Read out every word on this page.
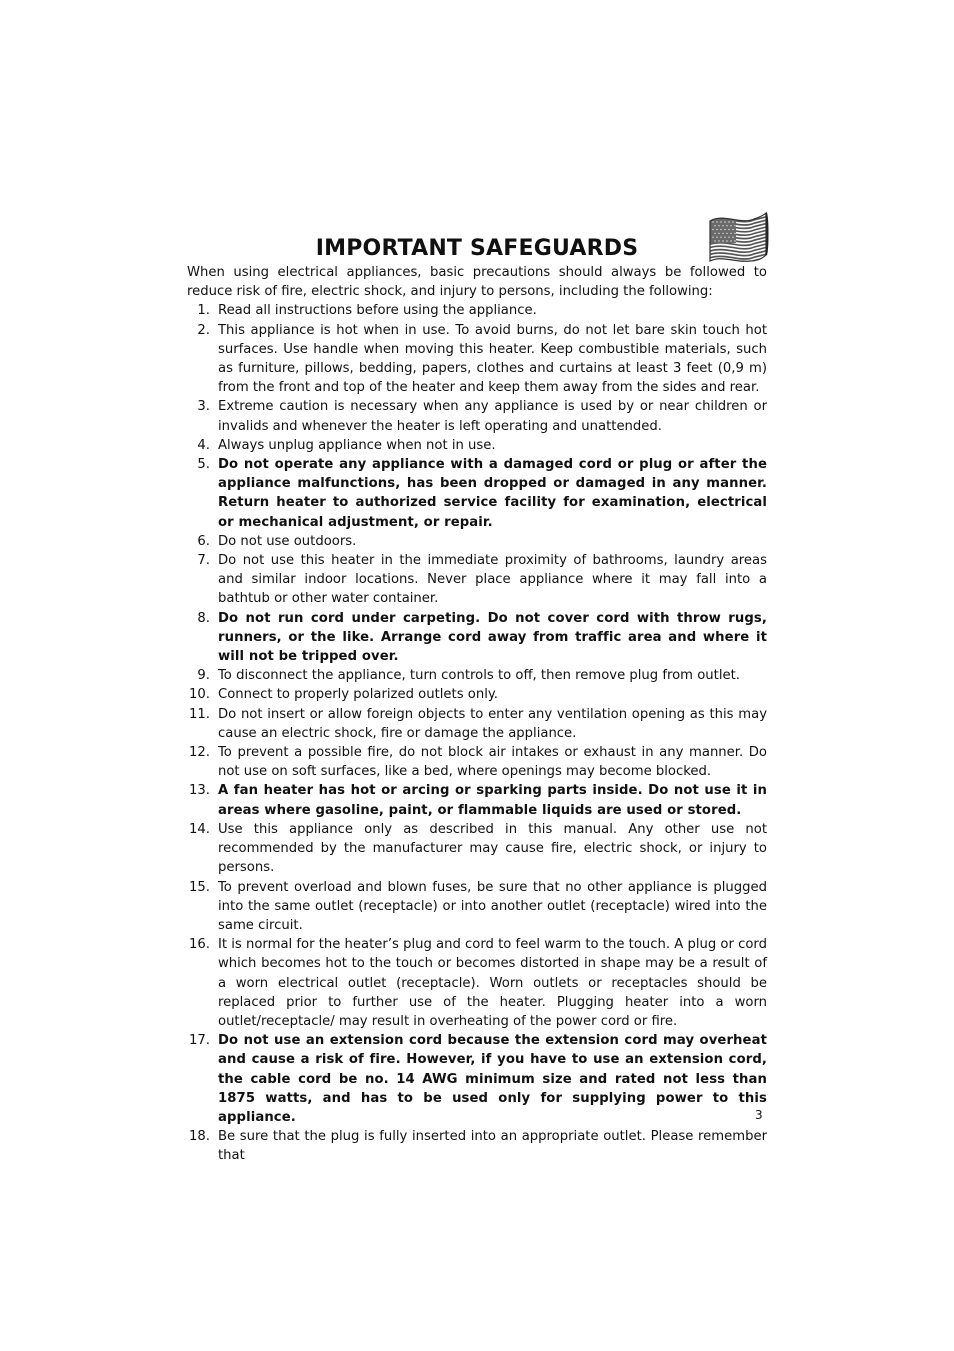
IMPORTANT SAFEGUARDS

When using electrical appliances, basic precautions should always be followed to reduce risk of fire, electric shock, and injury to persons, including the following:

1. Read all instructions before using the appliance.
2. This appliance is hot when in use. To avoid burns, do not let bare skin touch hot surfaces. Use handle when moving this heater. Keep combustible materials, such as furniture, pillows, bedding, papers, clothes and curtains at least 3 feet (0,9 m) from the front and top of the heater and keep them away from the sides and rear.
3. Extreme caution is necessary when any appliance is used by or near children or invalids and whenever the heater is left operating and unattended.
4. Always unplug appliance when not in use.
5. Do not operate any appliance with a damaged cord or plug or after the appliance malfunctions, has been dropped or damaged in any manner. Return heater to authorized service facility for examination, electrical or mechanical adjustment, or repair.
6. Do not use outdoors.
7. Do not use this heater in the immediate proximity of bathrooms, laundry areas and similar indoor locations. Never place appliance where it may fall into a bathtub or other water container.
8. Do not run cord under carpeting. Do not cover cord with throw rugs, runners, or the like. Arrange cord away from traffic area and where it will not be tripped over.
9. To disconnect the appliance, turn controls to off, then remove plug from outlet.
10. Connect to properly polarized outlets only.
11. Do not insert or allow foreign objects to enter any ventilation opening as this may cause an electric shock, fire or damage the appliance.
12. To prevent a possible fire, do not block air intakes or exhaust in any manner. Do not use on soft surfaces, like a bed, where openings may become blocked.
13. A fan heater has hot or arcing or sparking parts inside. Do not use it in areas where gasoline, paint, or flammable liquids are used or stored.
14. Use this appliance only as described in this manual. Any other use not recommended by the manufacturer may cause fire, electric shock, or injury to persons.
15. To prevent overload and blown fuses, be sure that no other appliance is plugged into the same outlet (receptacle) or into another outlet (receptacle) wired into the same circuit.
16. It is normal for the heater’s plug and cord to feel warm to the touch. A plug or cord which becomes hot to the touch or becomes distorted in shape may be a result of a worn electrical outlet (receptacle). Worn outlets or receptacles should be replaced prior to further use of the heater. Plugging heater into a worn outlet/receptacle/ may result in overheating of the power cord or fire.
17. Do not use an extension cord because the extension cord may overheat and cause a risk of fire. However, if you have to use an extension cord, the cable cord be no. 14 AWG minimum size and rated not less than 1875 watts, and has to be used only for supplying power to this appliance.
18. Be sure that the plug is fully inserted into an appropriate outlet. Please remember that
3
